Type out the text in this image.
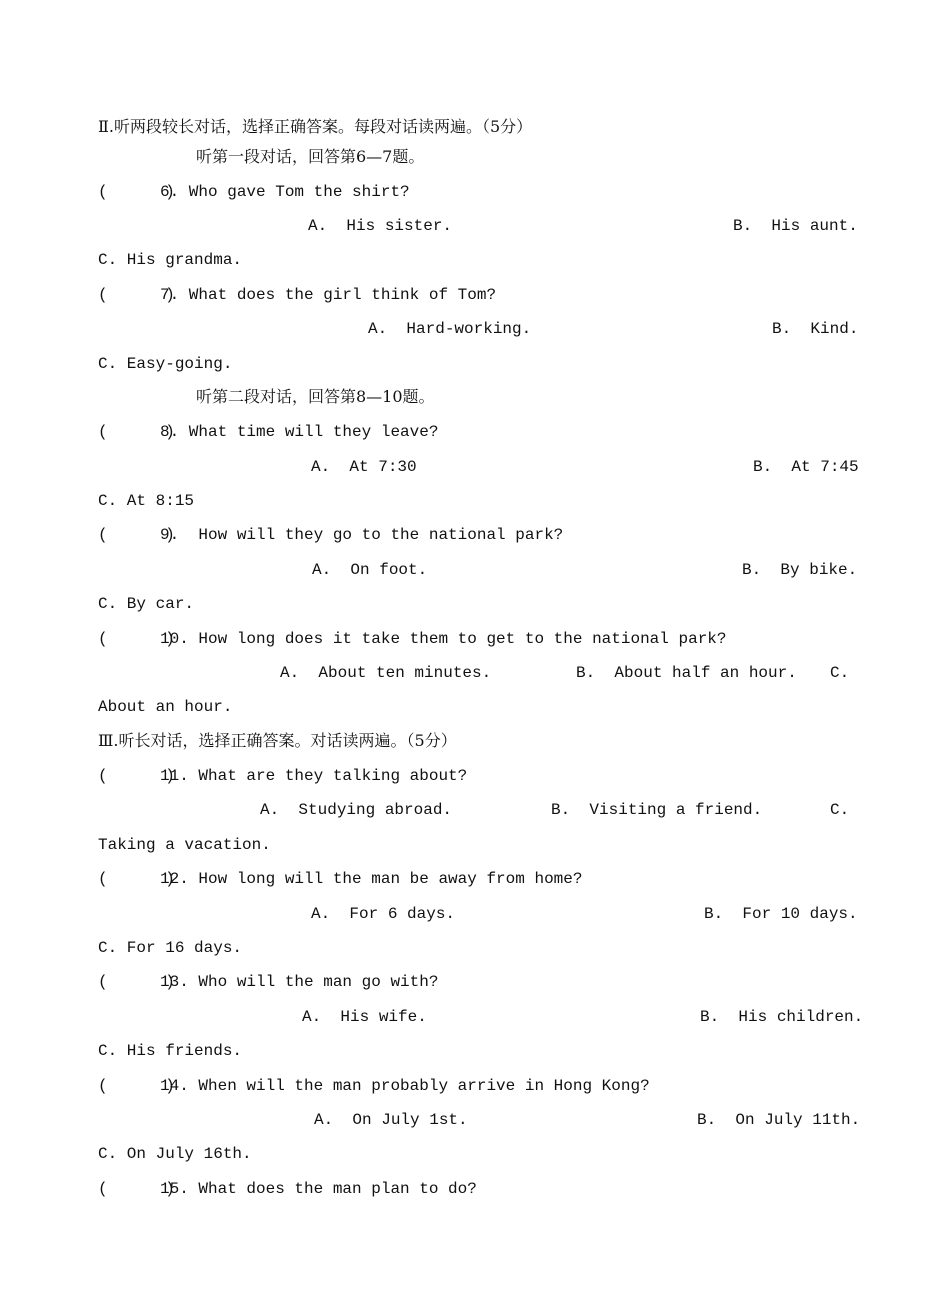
Ⅱ.听两段较长对话，选择正确答案。每段对话读两遍。（5分）
听第一段对话，回答第6—7题。
(      )
6. Who gave Tom the shirt?
A.  His sister.	B.  His aunt.
C. His grandma.
(      )
7. What does the girl think of Tom?
A.  Hard-working.	B.  Kind.
C. Easy-going.
听第二段对话，回答第8—10题。
(      )
8. What time will they leave?
A.  At 7:30	B.  At 7:45
C. At 8:15
(      )
9.  How will they go to the national park?
A.  On foot.	B.  By bike.
C. By car.
(      )
10. How long does it take them to get to the national park?
A.  About ten minutes.	B.  About half an hour. C.
About an hour.
Ⅲ.听长对话，选择正确答案。对话读两遍。（5分）
(      )
11. What are they talking about?
A.  Studying abroad.	B.  Visiting a friend.	C.
Taking a vacation.
(      )
12. How long will the man be away from home?
A.  For 6 days.	B.  For 10 days.
C. For 16 days.
(      )
13. Who will the man go with?
A.  His wife.	B.  His children.
C. His friends.
(      )
14. When will the man probably arrive in Hong Kong?
A.  On July 1st.	B.  On July 11th.
C. On July 16th.
(      )
15. What does the man plan to do?
